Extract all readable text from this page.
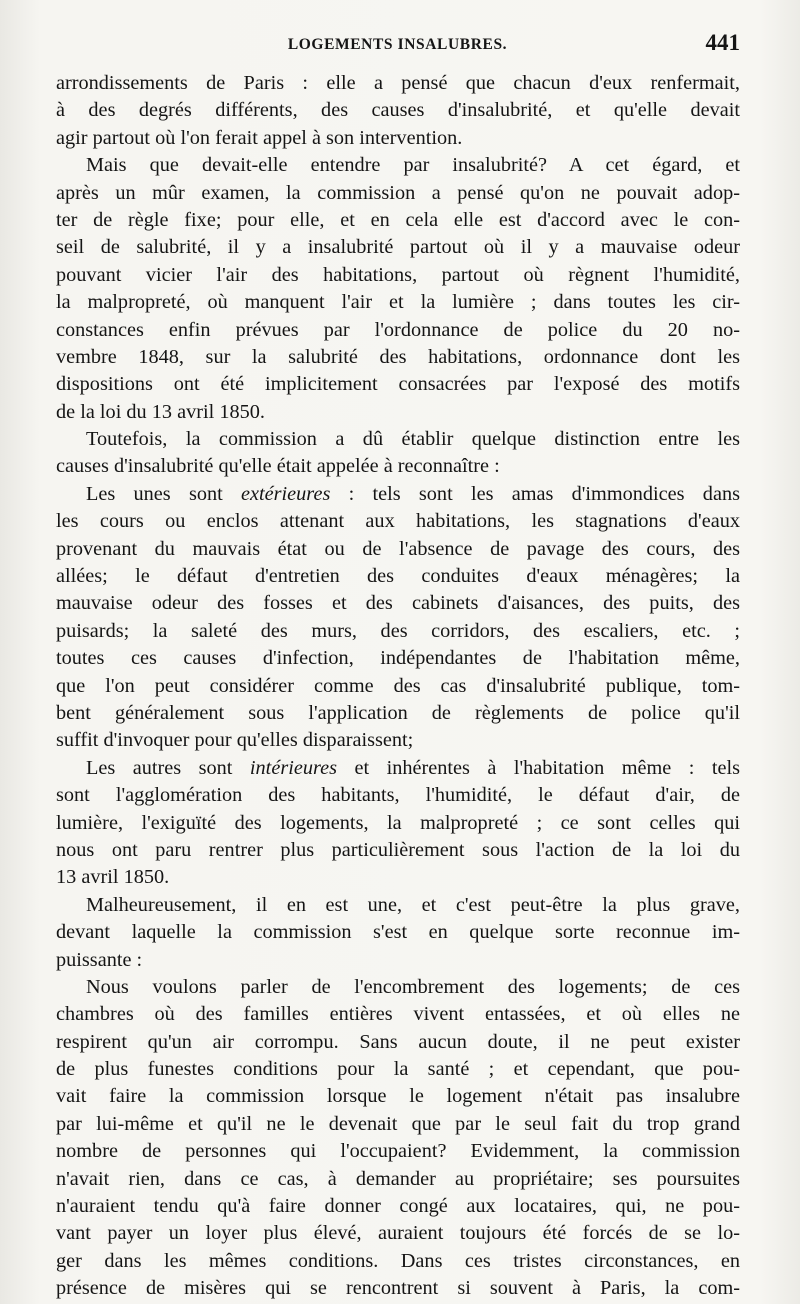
LOGEMENTS INSALUBRES.	441
arrondissements de Paris : elle a pensé que chacun d'eux renfermait,
à des degrés différents, des causes d'insalubrité, et qu'elle devait
agir partout où l'on ferait appel à son intervention.
Mais que devait-elle entendre par insalubrité? A cet égard, et
après un mûr examen, la commission a pensé qu'on ne pouvait adop-
ter de règle fixe; pour elle, et en cela elle est d'accord avec le con-
seil de salubrité, il y a insalubrité partout où il y a mauvaise odeur
pouvant vicier l'air des habitations, partout où règnent l'humidité,
la malpropreté, où manquent l'air et la lumière ; dans toutes les cir-
constances enfin prévues par l'ordonnance de police du 20 no-
vembre 1848, sur la salubrité des habitations, ordonnance dont les
dispositions ont été implicitement consacrées par l'exposé des motifs
de la loi du 13 avril 1850.
Toutefois, la commission a dû établir quelque distinction entre les
causes d'insalubrité qu'elle était appelée à reconnaître :
Les unes sont extérieures : tels sont les amas d'immondices dans
les cours ou enclos attenant aux habitations, les stagnations d'eaux
provenant du mauvais état ou de l'absence de pavage des cours, des
allées; le défaut d'entretien des conduites d'eaux ménagères; la
mauvaise odeur des fosses et des cabinets d'aisances, des puits, des
puisards; la saleté des murs, des corridors, des escaliers, etc. ;
toutes ces causes d'infection, indépendantes de l'habitation même,
que l'on peut considérer comme des cas d'insalubrité publique, tom-
bent généralement sous l'application de règlements de police qu'il
suffit d'invoquer pour qu'elles disparaissent;
Les autres sont intérieures et inhérentes à l'habitation même : tels
sont l'agglomération des habitants, l'humidité, le défaut d'air, de
lumière, l'exiguïté des logements, la malpropreté ; ce sont celles qui
nous ont paru rentrer plus particulièrement sous l'action de la loi du
13 avril 1850.
Malheureusement, il en est une, et c'est peut-être la plus grave,
devant laquelle la commission s'est en quelque sorte reconnue im-
puissante :
Nous voulons parler de l'encombrement des logements; de ces
chambres où des familles entières vivent entassées, et où elles ne
respirent qu'un air corrompu. Sans aucun doute, il ne peut exister
de plus funestes conditions pour la santé ; et cependant, que pou-
vait faire la commission lorsque le logement n'était pas insalubre
par lui-même et qu'il ne le devenait que par le seul fait du trop grand
nombre de personnes qui l'occupaient? Evidemment, la commission
n'avait rien, dans ce cas, à demander au propriétaire; ses poursuites
n'auraient tendu qu'à faire donner congé aux locataires, qui, ne pou-
vant payer un loyer plus élevé, auraient toujours été forcés de se lo-
ger dans les mêmes conditions. Dans ces tristes circonstances, en
présence de misères qui se rencontrent si souvent à Paris, la com-
